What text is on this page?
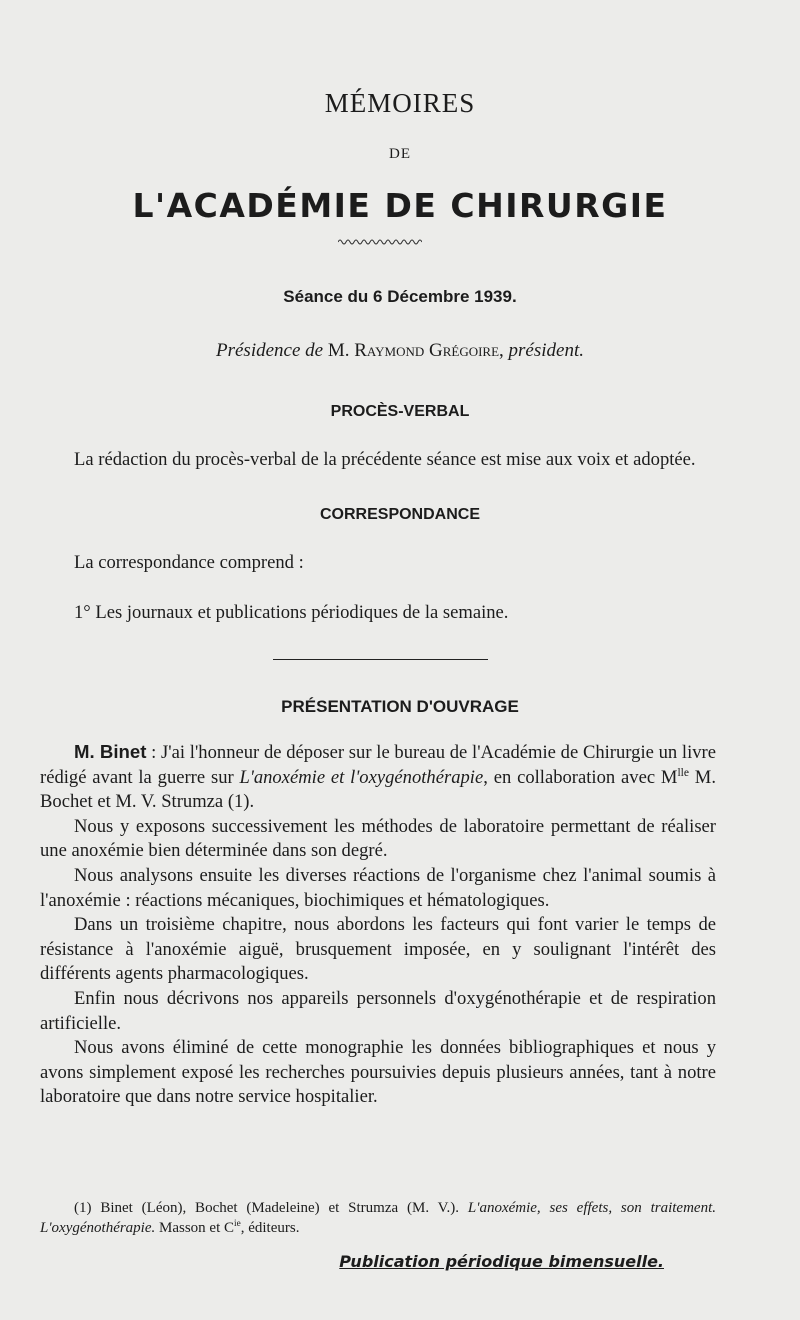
MÉMOIRES
DE
L'ACADÉMIE DE CHIRURGIE
Séance du 6 Décembre 1939.
Présidence de M. Raymond Grégoire, président.
PROCÈS-VERBAL
La rédaction du procès-verbal de la précédente séance est mise aux voix et adoptée.
CORRESPONDANCE
La correspondance comprend :
1° Les journaux et publications périodiques de la semaine.
PRÉSENTATION D'OUVRAGE

M. Binet : J'ai l'honneur de déposer sur le bureau de l'Académie de Chirurgie un livre rédigé avant la guerre sur L'anoxémie et l'oxygénothérapie, en collaboration avec $M^{lle}$ M. Bochet et M. V. Strumza (1).

Nous y exposons successivement les méthodes de laboratoire permettant de réaliser une anoxémie bien déterminée dans son degré.

Nous analysons ensuite les diverses réactions de l'organisme chez l'animal soumis à l'anoxémie : réactions mécaniques, biochimiques et hématologiques.

Dans un troisième chapitre, nous abordons les facteurs qui font varier le temps de résistance à l'anoxémie aiguë, brusquement imposée, en y soulignant l'intérêt des différents agents pharmacologiques.

Enfin nous décrivons nos appareils personnels d'oxygénothérapie et de respiration artificielle.

Nous avons éliminé de cette monographie les données bibliographiques et nous y avons simplement exposé les recherches poursuivies depuis plusieurs années, tant à notre laboratoire que dans notre service hospitalier.

(1) Binet (Léon), Bochet (Madeleine) et Strumza (M. V.). L'anoxémie, ses effets, son traitement. L'oxygénothérapie. Masson et $C^{ie}$, éditeurs.
Publication périodique bimensuelle.
